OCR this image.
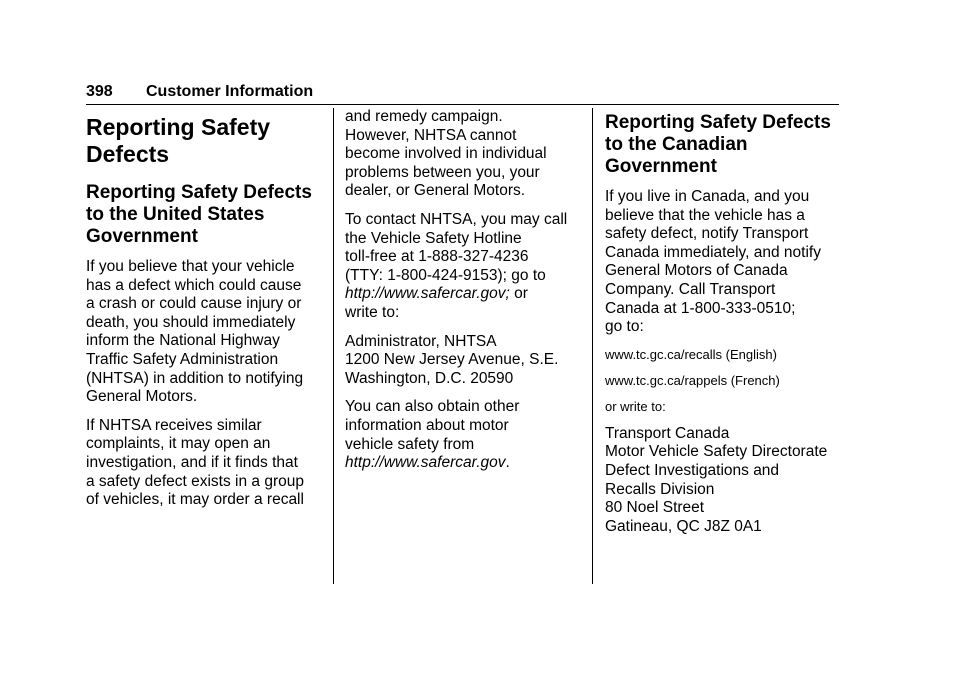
398 Customer Information
Reporting Safety Defects
Reporting Safety Defects to the United States Government

If you believe that your vehicle
has a defect which could cause
a crash or could cause injury or
death, you should immediately
inform the National Highway
Traffic Safety Administration
(NHTSA) in addition to notifying
General Motors.

If NHTSA receives similar
complaints, it may open an
investigation, and if it finds that
a safety defect exists in a group
of vehicles, it may order a recall

and remedy campaign.
However, NHTSA cannot
become involved in individual
problems between you, your
dealer, or General Motors.

To contact NHTSA, you may call
the Vehicle Safety Hotline
toll-free at 1-888-327-4236
(TTY: 1-800-424-9153); go to
http://www.safercar.gov; or
write to:

Administrator, NHTSA
1200 New Jersey Avenue, S.E.
Washington, D.C. 20590

You can also obtain other
information about motor
vehicle safety from
http://www.safercar.gov.

Reporting Safety Defects to the Canadian Government

If you live in Canada, and you
believe that the vehicle has a
safety defect, notify Transport
Canada immediately, and notify
General Motors of Canada
Company. Call Transport
Canada at 1-800-333-0510;
go to:

www.tc.gc.ca/recalls (English)

www.tc.gc.ca/rappels (French)

or write to:

Transport Canada
Motor Vehicle Safety Directorate
Defect Investigations and
Recalls Division
80 Noel Street
Gatineau, QC J8Z 0A1
